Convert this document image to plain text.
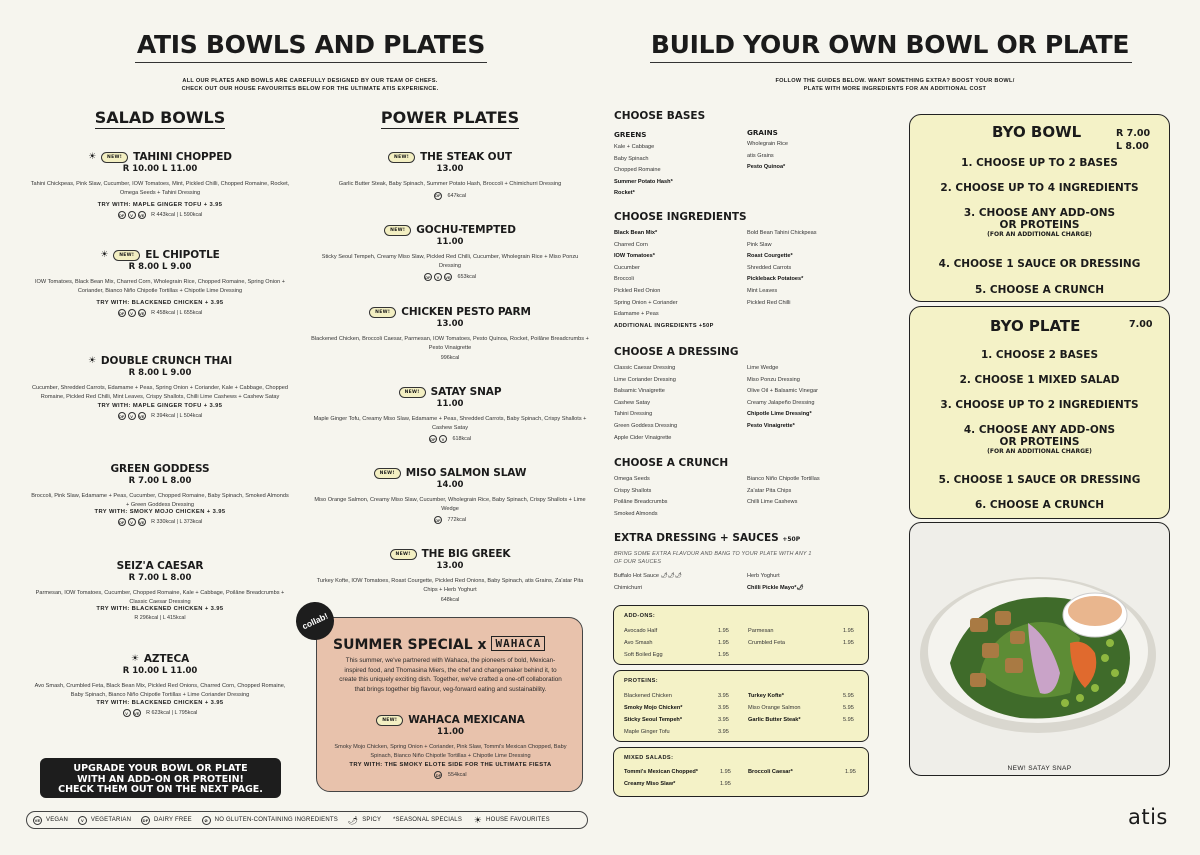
ATIS BOWLS AND PLATES
ALL OUR PLATES AND BOWLS ARE CAREFULLY DESIGNED BY OUR TEAM OF CHEFS.
CHECK OUT OUR HOUSE FAVOURITES BELOW FOR THE ULTIMATE ATIS EXPERIENCE.
SALAD BOWLS	POWER PLATES
☀	NEW!	TAHINI CHOPPED
R 10.00 L 11.00
Tahini Chickpeas, Pink Slaw, Cucumber, IOW Tomatoes, Mint, Pickled Chilli, Chopped Romaine, Rocket, Omega Seeds + Tahini Dressing
TRY WITH: MAPLE GINGER TOFU + 3.95
DF	V	VE
R 443kcal | L 590kcal
☀	NEW!	EL CHIPOTLE
R 8.00 L 9.00
IOW Tomatoes, Black Bean Mix, Charred Corn, Wholegrain Rice, Chopped Romaine, Spring Onion + Coriander, Bianco Niño Chipotle Tortillas + Chipotle Lime Dressing
TRY WITH: BLACKENED CHICKEN + 3.95
DF	V	VE
R 458kcal | L 655kcal
☀ DOUBLE CRUNCH THAI
R 8.00 L 9.00
Cucumber, Shredded Carrots, Edamame + Peas, Spring Onion + Coriander, Kale + Cabbage, Chopped Romaine, Pickled Red Chilli, Mint Leaves, Crispy Shallots, Chilli Lime Cashews + Cashew Satay
TRY WITH: MAPLE GINGER TOFU + 3.95
DF	V	VE
R 394kcal | L 504kcal
GREEN GODDESS
R 7.00 L 8.00
Broccoli, Pink Slaw, Edamame + Peas, Cucumber, Chopped Romaine, Baby Spinach, Smoked Almonds + Green Goddess Dressing
TRY WITH: SMOKY MOJO CHICKEN + 3.95
DF	V	VE
R 330kcal | L 373kcal
SEIZ'A CAESAR
R 7.00 L 8.00
Parmesan, IOW Tomatoes, Cucumber, Chopped Romaine, Kale + Cabbage, Poilâne Breadcrumbs + Classic Caesar Dressing
TRY WITH: BLACKENED CHICKEN + 3.95
R 296kcal | L 415kcal
☀ AZTECA
R 10.00 L 11.00
Avo Smash, Crumbled Feta, Black Bean Mix, Pickled Red Onions, Charred Corn, Chopped Romaine, Baby Spinach, Bianco Niño Chipotle Tortillas + Lime Coriander Dressing
TRY WITH: BLACKENED CHICKEN + 3.95
V	VE
R 623kcal | L 795kcal
NEW!	THE STEAK OUT
13.00
Garlic Butter Steak, Baby Spinach, Summer Potato Hash, Broccoli + Chimichurri Dressing
DF
647kcal
NEW!	GOCHU-TEMPTED
11.00
Sticky Seoul Tempeh, Creamy Miso Slaw, Pickled Red Chilli, Cucumber, Wholegrain Rice + Miso Ponzu Dressing
DF	V	VE
653kcal
NEW!	CHICKEN PESTO PARM
13.00
Blackened Chicken, Broccoli Caesar, Parmesan, IOW Tomatoes, Pesto Quinoa, Rocket, Poilâne Breadcrumbs + Pesto Vinaigrette
996kcal
NEW!	SATAY SNAP
11.00
Maple Ginger Tofu, Creamy Miso Slaw, Edamame + Peas, Shredded Carrots, Baby Spinach, Crispy Shallots + Cashew Satay
DF	V
	618kcal
NEW!	MISO SALMON SLAW
14.00
Miso Orange Salmon, Creamy Miso Slaw, Cucumber, Wholegrain Rice, Baby Spinach, Crispy Shallots + Lime Wedge
DF
772kcal
NEW!	THE BIG GREEK
13.00
Turkey Kofte, IOW Tomatoes, Roast Courgette, Pickled Red Onions, Baby Spinach, atis Grains, Za'atar Pita Chips + Herb Yoghurt
648kcal
SUMMER SPECIAL x WAHACA
This summer, we've partnered with Wahaca, the pioneers of bold, Mexican-inspired food, and Thomasina Miers, the chef and changemaker behind it, to create this uniquely exciting dish. Together, we've crafted a one-off collaboration that brings together big flavour, veg-forward eating and sustainability.
NEW!	WAHACA MEXICANA
11.00
Smoky Mojo Chicken, Spring Onion + Coriander, Pink Slaw, Tommi's Mexican Chopped, Baby Spinach, Bianco Niño Chipotle Tortillas + Chipotle Lime Dressing
TRY WITH: THE SMOKY ELOTE SIDE FOR THE ULTIMATE FIESTA
DF
554kcal
collab!
UPGRADE YOUR BOWL OR PLATE
WITH AN ADD-ON OR PROTEIN!
CHECK THEM OUT ON THE NEXT PAGE.
VE VEGAN
	V	VEGETARIAN
	DF DAIRY FREE
	⊘	NO GLUTEN-CONTAINING INGREDIENTS
🌶 SPICY
*SEASONAL SPECIALS
☀ HOUSE FAVOURITES
BUILD YOUR OWN BOWL OR PLATE
FOLLOW THE GUIDES BELOW. WANT SOMETHING EXTRA? BOOST YOUR BOWL/
PLATE WITH MORE INGREDIENTS FOR AN ADDITIONAL COST
CHOOSE BASES
GREENS	GRAINS
Kale + Cabbage
Baby Spinach
Chopped Romaine
Summer Potato Hash*
Rocket*
Wholegrain Rice
atis Grains
Pesto Quinoa*
CHOOSE INGREDIENTS
Black Bean Mix*
Charred Corn
IOW Tomatoes*
Cucumber
Broccoli
Pickled Red Onion
Spring Onion + Coriander
Edamame + Peas
ADDITIONAL INGREDIENTS +50P
Bold Bean Tahini Chickpeas
Pink Slaw
Roast Courgette*
Shredded Carrots
Pickleback Potatoes*
Mint Leaves
Pickled Red Chilli
CHOOSE A DRESSING
Classic Caesar Dressing
Lime Coriander Dressing
Balsamic Vinaigrette
Cashew Satay
Tahini Dressing
Green Goddess Dressing
Apple Cider Vinaigrette
Lime Wedge
Miso Ponzu Dressing
Olive Oil + Balsamic Vinegar
Creamy Jalapeño Dressing
Chipotle Lime Dressing*
Pesto Vinaigrette*
CHOOSE A CRUNCH
Omega Seeds
Crispy Shallots
Poilâne Breadcrumbs
Smoked Almonds
Bianco Niño Chipotle Tortillas
Za'atar Pita Chips
Chilli Lime Cashews
EXTRA DRESSING + SAUCES +50P
BRING SOME EXTRA FLAVOUR AND BANG TO YOUR PLATE WITH ANY 1 OF OUR SAUCES
Buffalo Hot Sauce 🌶🌶🌶
Chimichurri
Herb Yoghurt
Chilli Pickle Mayo*🌶
ADD-ONS:
Avocado Half	1.95
Avo Smash	1.95
Soft Boiled Egg	1.95
Parmesan	1.95
Crumbled Feta	1.95
PROTEINS:
Blackened Chicken	3.95
Smoky Mojo Chicken*	3.95
Sticky Seoul Tempeh*	3.95
Maple Ginger Tofu	3.95
Turkey Kofte*	5.95
Miso Orange Salmon	5.95
Garlic Butter Steak*	5.95
MIXED SALADS:
Tommi's Mexican Chopped*	1.95
Creamy Miso Slaw*	1.95
Broccoli Caesar*	1.95
BYO BOWL	R 7.00
L 8.00
1. CHOOSE UP TO 2 BASES
2. CHOOSE UP TO 4 INGREDIENTS
3. CHOOSE ANY ADD-ONS
OR PROTEINS
(FOR AN ADDITIONAL CHARGE)
4. CHOOSE 1 SAUCE OR DRESSING
5. CHOOSE A CRUNCH
BYO PLATE	7.00
1. CHOOSE 2 BASES
2. CHOOSE 1 MIXED SALAD
3. CHOOSE UP TO 2 INGREDIENTS
4. CHOOSE ANY ADD-ONS
OR PROTEINS
(FOR AN ADDITIONAL CHARGE)
5. CHOOSE 1 SAUCE OR DRESSING
6. CHOOSE A CRUNCH
NEW! SATAY SNAP
atis
